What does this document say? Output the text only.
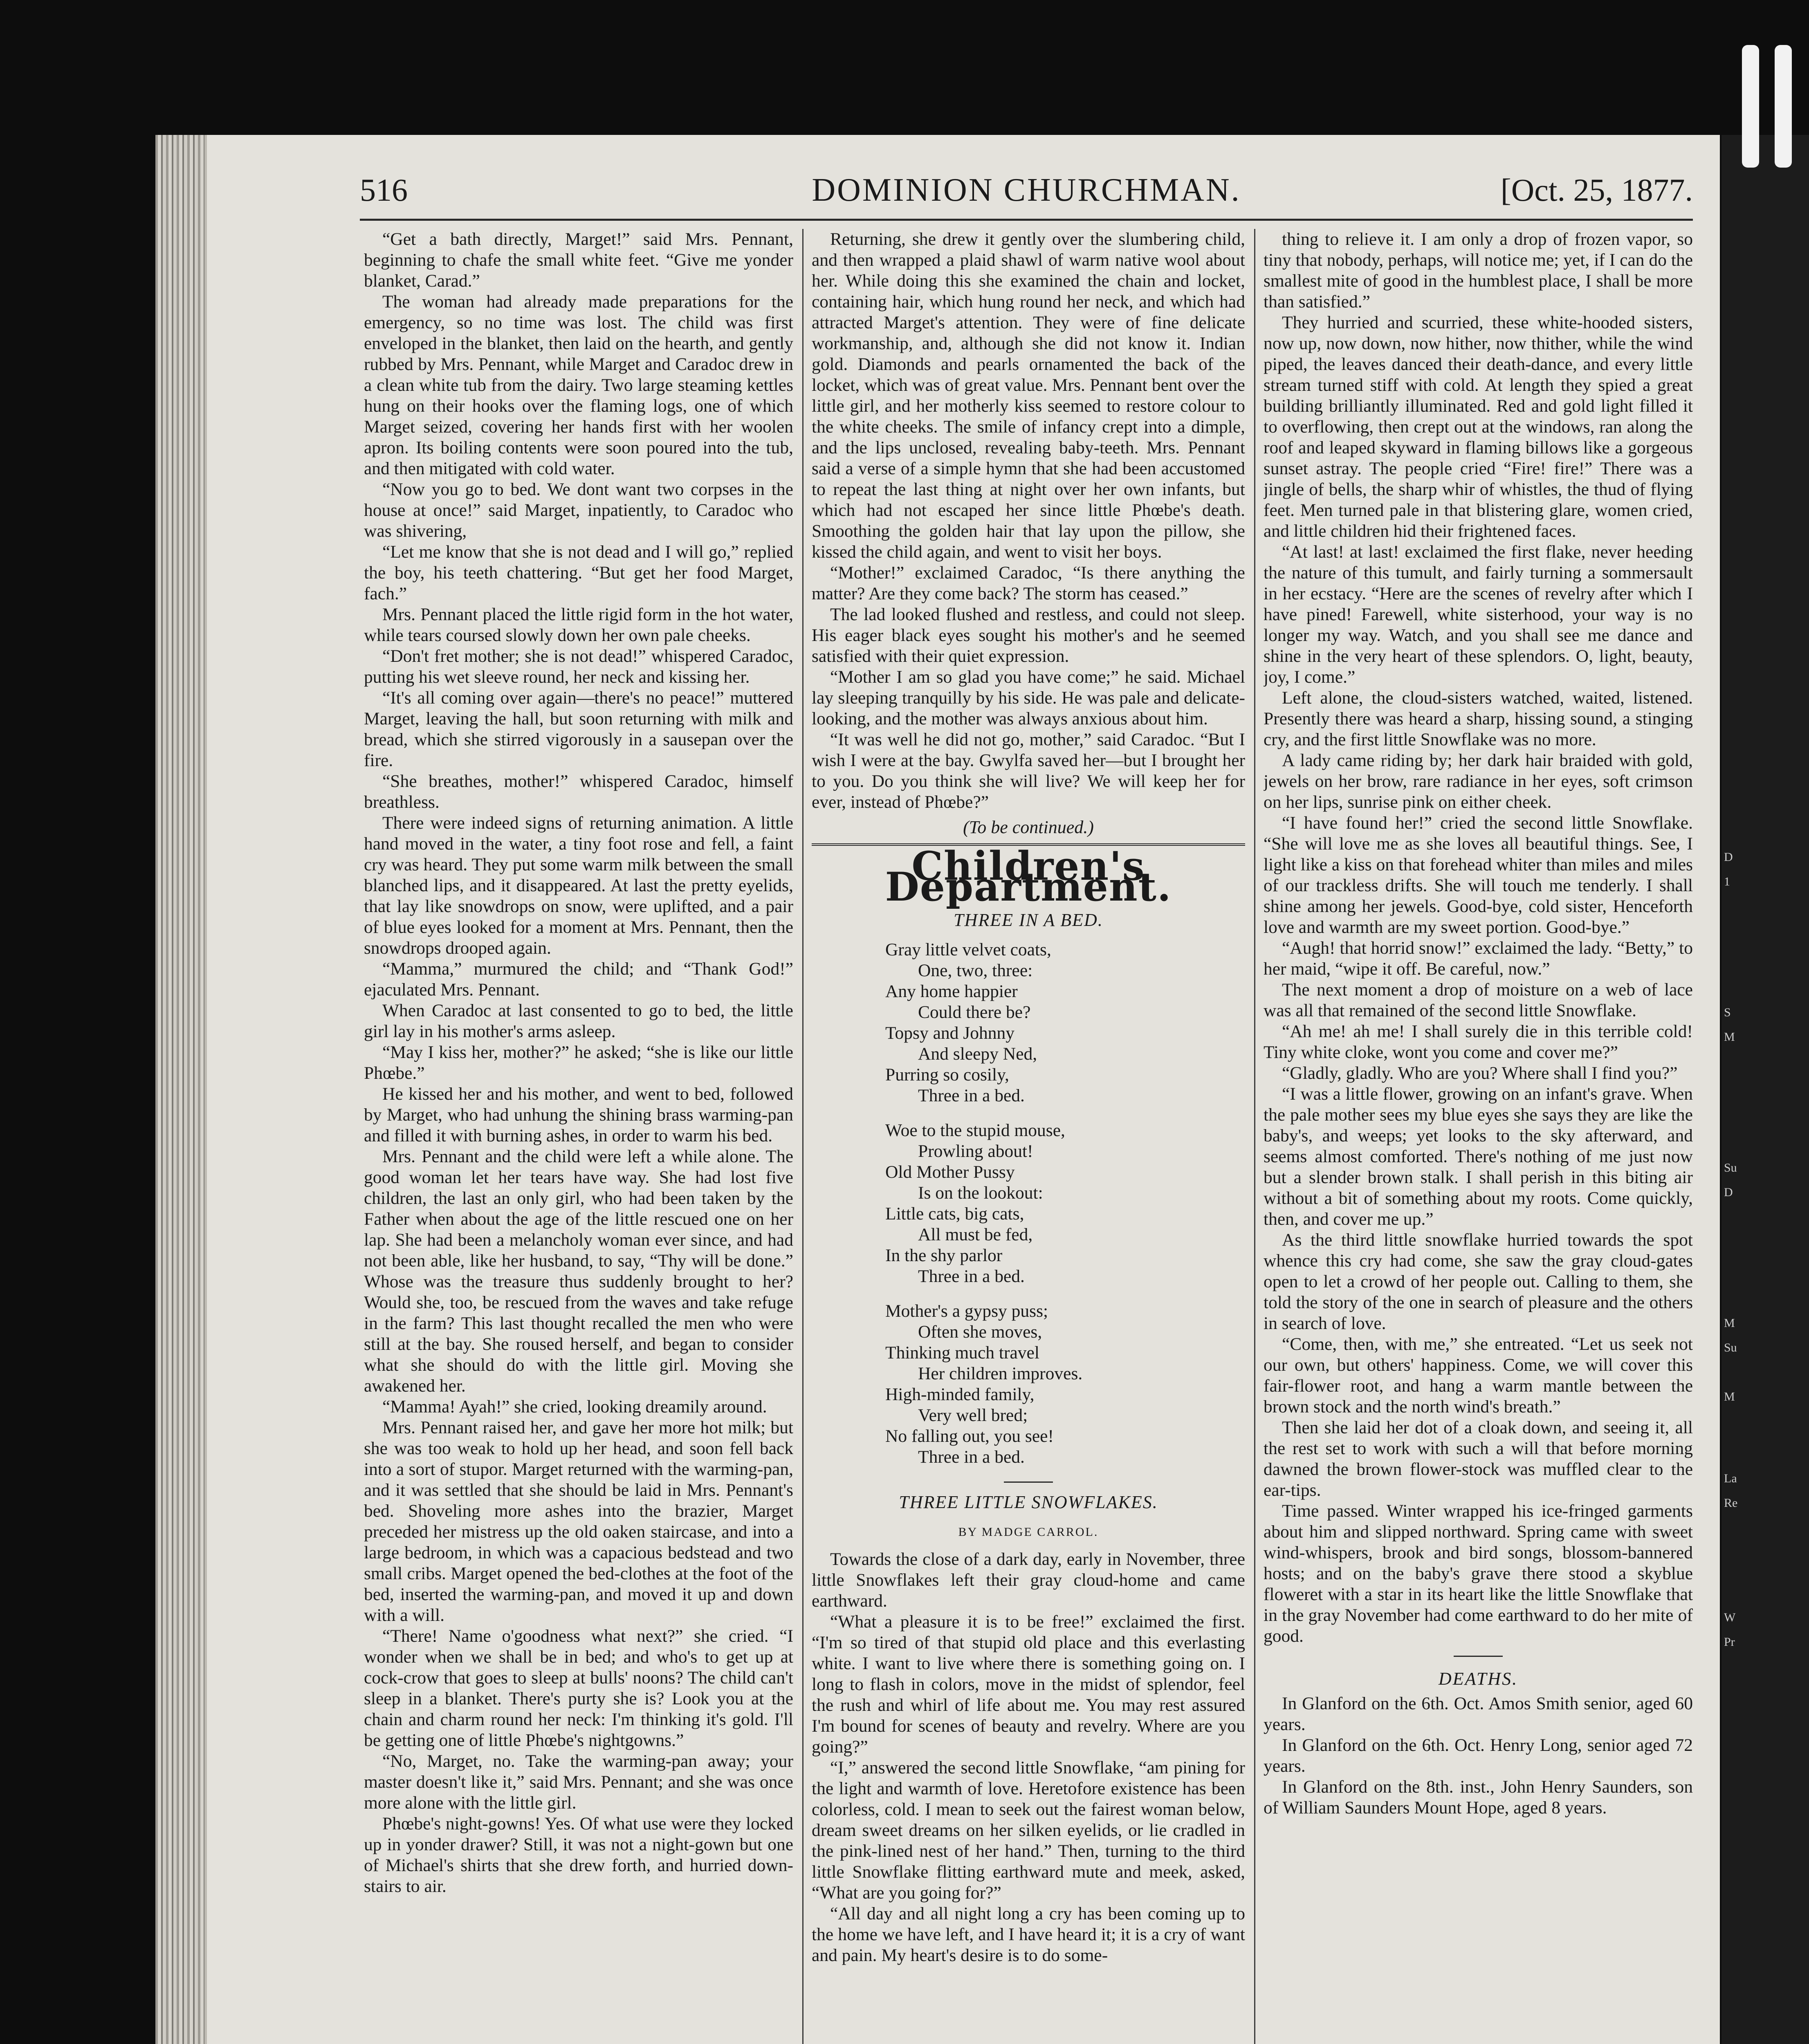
D
1
S
M
Su
D
M
Su
M
La
Re
W
Pr
516	DOMINION CHURCHMAN.	[Oct. 25, 1877.

“Get a bath directly, Marget!” said Mrs. Pennant, beginning to chafe the small white feet. “Give me yonder blanket, Carad.”

The woman had already made preparations for the emergency, so no time was lost. The child was first enveloped in the blanket, then laid on the hearth, and gently rubbed by Mrs. Pennant, while Marget and Caradoc drew in a clean white tub from the dairy. Two large steaming kettles hung on their hooks over the flaming logs, one of which Marget seized, covering her hands first with her woolen apron. Its boiling contents were soon poured into the tub, and then mitigated with cold water.

“Now you go to bed. We dont want two corpses in the house at once!” said Marget, inpatiently, to Caradoc who was shivering,

“Let me know that she is not dead and I will go,” replied the boy, his teeth chattering. “But get her food Marget, fach.”

Mrs. Pennant placed the little rigid form in the hot water, while tears coursed slowly down her own pale cheeks.

“Don't fret mother; she is not dead!” whispered Caradoc, putting his wet sleeve round, her neck and kissing her.

“It's all coming over again—there's no peace!” muttered Marget, leaving the hall, but soon returning with milk and bread, which she stirred vigorously in a sausepan over the fire.

“She breathes, mother!” whispered Caradoc, himself breathless.

There were indeed signs of returning animation. A little hand moved in the water, a tiny foot rose and fell, a faint cry was heard. They put some warm milk between the small blanched lips, and it disappeared. At last the pretty eyelids, that lay like snowdrops on snow, were uplifted, and a pair of blue eyes looked for a moment at Mrs. Pennant, then the snowdrops drooped again.

“Mamma,” murmured the child; and “Thank God!” ejaculated Mrs. Pennant.

When Caradoc at last consented to go to bed, the little girl lay in his mother's arms asleep.

“May I kiss her, mother?” he asked; “she is like our little Phœbe.”

He kissed her and his mother, and went to bed, followed by Marget, who had unhung the shining brass warming-pan and filled it with burning ashes, in order to warm his bed.

Mrs. Pennant and the child were left a while alone. The good woman let her tears have way. She had lost five children, the last an only girl, who had been taken by the Father when about the age of the little rescued one on her lap. She had been a melancholy woman ever since, and had not been able, like her husband, to say, “Thy will be done.” Whose was the treasure thus suddenly brought to her? Would she, too, be rescued from the waves and take refuge in the farm? This last thought recalled the men who were still at the bay. She roused herself, and began to consider what she should do with the little girl. Moving she awakened her.

“Mamma! Ayah!” she cried, looking dreamily around.

Mrs. Pennant raised her, and gave her more hot milk; but she was too weak to hold up her head, and soon fell back into a sort of stupor. Marget returned with the warming-pan, and it was settled that she should be laid in Mrs. Pennant's bed. Shoveling more ashes into the brazier, Marget preceded her mistress up the old oaken staircase, and into a large bedroom, in which was a capacious bedstead and two small cribs. Marget opened the bed-clothes at the foot of the bed, inserted the warming-pan, and moved it up and down with a will.

“There! Name o'goodness what next?” she cried. “I wonder when we shall be in bed; and who's to get up at cock-crow that goes to sleep at bulls' noons? The child can't sleep in a blanket. There's purty she is? Look you at the chain and charm round her neck: I'm thinking it's gold. I'll be getting one of little Phœbe's nightgowns.”

“No, Marget, no. Take the warming-pan away; your master doesn't like it,” said Mrs. Pennant; and she was once more alone with the little girl.

Phœbe's night-gowns! Yes. Of what use were they locked up in yonder drawer? Still, it was not a night-gown but one of Michael's shirts that she drew forth, and hurried down-stairs to air.

Returning, she drew it gently over the slumbering child, and then wrapped a plaid shawl of warm native wool about her. While doing this she examined the chain and locket, containing hair, which hung round her neck, and which had attracted Marget's attention. They were of fine delicate workmanship, and, although she did not know it. Indian gold. Diamonds and pearls ornamented the back of the locket, which was of great value. Mrs. Pennant bent over the little girl, and her motherly kiss seemed to restore colour to the white cheeks. The smile of infancy crept into a dimple, and the lips unclosed, revealing baby-teeth. Mrs. Pennant said a verse of a simple hymn that she had been accustomed to repeat the last thing at night over her own infants, but which had not escaped her since little Phœbe's death. Smoothing the golden hair that lay upon the pillow, she kissed the child again, and went to visit her boys.

“Mother!” exclaimed Caradoc, “Is there anything the matter? Are they come back? The storm has ceased.”

The lad looked flushed and restless, and could not sleep. His eager black eyes sought his mother's and he seemed satisfied with their quiet expression.

“Mother I am so glad you have come;” he said. Michael lay sleeping tranquilly by his side. He was pale and delicate-looking, and the mother was always anxious about him.

“It was well he did not go, mother,” said Caradoc. “But I wish I were at the bay. Gwylfa saved her—but I brought her to you. Do you think she will live? We will keep her for ever, instead of Phœbe?”

(To be continued.)
Children's Department.
THREE IN A BED.
Gray little velvet coats,
One, two, three:
Any home happier
Could there be?
Topsy and Johnny
And sleepy Ned,
Purring so cosily,
Three in a bed.
Woe to the stupid mouse,
Prowling about!
Old Mother Pussy
Is on the lookout:
Little cats, big cats,
All must be fed,
In the shy parlor
Three in a bed.
Mother's a gypsy puss;
Often she moves,
Thinking much travel
Her children improves.
High-minded family,
Very well bred;
No falling out, you see!
Three in a bed.
THREE LITTLE SNOWFLAKES.
BY MADGE CARROL.

Towards the close of a dark day, early in November, three little Snowflakes left their gray cloud-home and came earthward.

“What a pleasure it is to be free!” exclaimed the first. “I'm so tired of that stupid old place and this everlasting white. I want to live where there is something going on. I long to flash in colors, move in the midst of splendor, feel the rush and whirl of life about me. You may rest assured I'm bound for scenes of beauty and revelry. Where are you going?”

“I,” answered the second little Snowflake, “am pining for the light and warmth of love. Heretofore existence has been colorless, cold. I mean to seek out the fairest woman below, dream sweet dreams on her silken eyelids, or lie cradled in the pink-lined nest of her hand.” Then, turning to the third little Snowflake flitting earthward mute and meek, asked, “What are you going for?”

“All day and all night long a cry has been coming up to the home we have left, and I have heard it; it is a cry of want and pain. My heart's desire is to do some-

thing to relieve it. I am only a drop of frozen vapor, so tiny that nobody, perhaps, will notice me; yet, if I can do the smallest mite of good in the humblest place, I shall be more than satisfied.”

They hurried and scurried, these white-hooded sisters, now up, now down, now hither, now thither, while the wind piped, the leaves danced their death-dance, and every little stream turned stiff with cold. At length they spied a great building brilliantly illuminated. Red and gold light filled it to overflowing, then crept out at the windows, ran along the roof and leaped skyward in flaming billows like a gorgeous sunset astray. The people cried “Fire! fire!” There was a jingle of bells, the sharp whir of whistles, the thud of flying feet. Men turned pale in that blistering glare, women cried, and little children hid their frightened faces.

“At last! at last! exclaimed the first flake, never heeding the nature of this tumult, and fairly turning a sommersault in her ecstacy. “Here are the scenes of revelry after which I have pined! Farewell, white sisterhood, your way is no longer my way. Watch, and you shall see me dance and shine in the very heart of these splendors. O, light, beauty, joy, I come.”

Left alone, the cloud-sisters watched, waited, listened. Presently there was heard a sharp, hissing sound, a stinging cry, and the first little Snowflake was no more.

A lady came riding by; her dark hair braided with gold, jewels on her brow, rare radiance in her eyes, soft crimson on her lips, sunrise pink on either cheek.

“I have found her!” cried the second little Snowflake. “She will love me as she loves all beautiful things. See, I light like a kiss on that forehead whiter than miles and miles of our trackless drifts. She will touch me tenderly. I shall shine among her jewels. Good-bye, cold sister, Henceforth love and warmth are my sweet portion. Good-bye.”

“Augh! that horrid snow!” exclaimed the lady. “Betty,” to her maid, “wipe it off. Be careful, now.”

The next moment a drop of moisture on a web of lace was all that remained of the second little Snowflake.

“Ah me! ah me! I shall surely die in this terrible cold! Tiny white cloke, wont you come and cover me?”

“Gladly, gladly. Who are you? Where shall I find you?”

“I was a little flower, growing on an infant's grave. When the pale mother sees my blue eyes she says they are like the baby's, and weeps; yet looks to the sky afterward, and seems almost comforted. There's nothing of me just now but a slender brown stalk. I shall perish in this biting air without a bit of something about my roots. Come quickly, then, and cover me up.”

As the third little snowflake hurried towards the spot whence this cry had come, she saw the gray cloud-gates open to let a crowd of her people out. Calling to them, she told the story of the one in search of pleasure and the others in search of love.

“Come, then, with me,” she entreated. “Let us seek not our own, but others' happiness. Come, we will cover this fair-flower root, and hang a warm mantle between the brown stock and the north wind's breath.”

Then she laid her dot of a cloak down, and seeing it, all the rest set to work with such a will that before morning dawned the brown flower-stock was muffled clear to the ear-tips.

Time passed. Winter wrapped his ice-fringed garments about him and slipped northward. Spring came with sweet wind-whispers, brook and bird songs, blossom-bannered hosts; and on the baby's grave there stood a skyblue floweret with a star in its heart like the little Snowflake that in the gray November had come earthward to do her mite of good.

DEATHS.

In Glanford on the 6th. Oct. Amos Smith senior, aged 60 years.

In Glanford on the 6th. Oct. Henry Long, senior aged 72 years.

In Glanford on the 8th. inst., John Henry Saunders, son of William Saunders Mount Hope, aged 8 years.
